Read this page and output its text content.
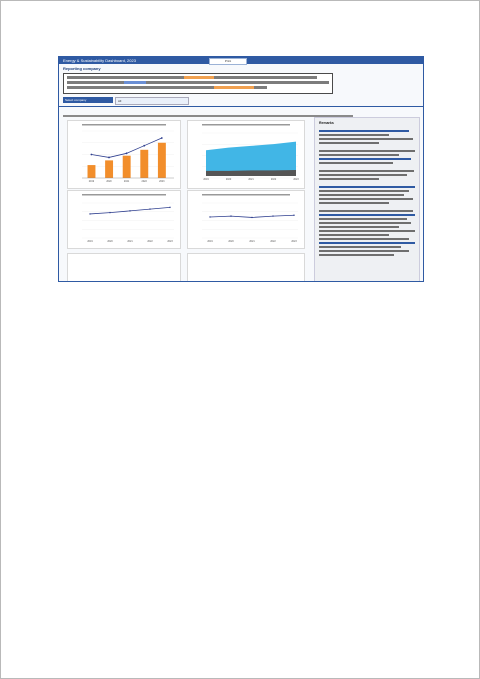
Energy & Sustainability Dashboard, 2023	Print
Reporting company
Select company	All
2019	2020	2021	2022	2023
2019	2020	2021	2022	2023
2019	2020	2021	2022	2023	2019	2020	2021	2022	2023
Remarks
